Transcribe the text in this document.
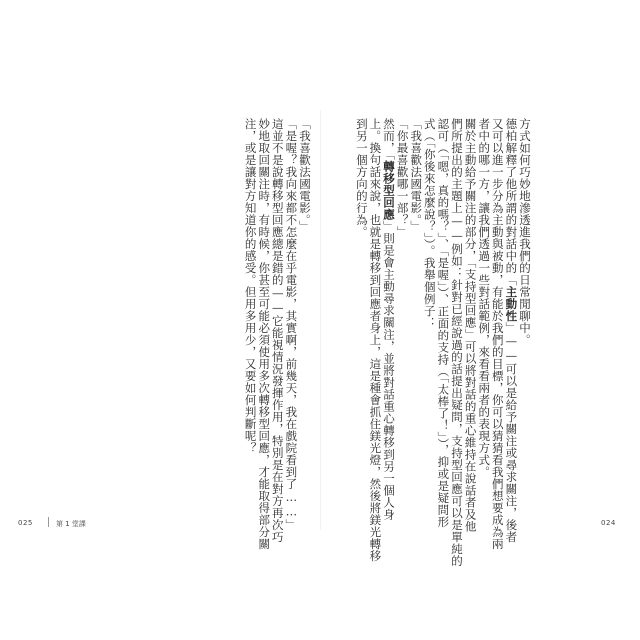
方式如何巧妙地滲透進我們的日常閒聊中。
德柏解釋了他所謂的對話中的「主動性」——可以是給予關注或尋求關注，後者
又可以進一步分為主動與被動，有能於我們的目標，你可以猜猜看我們想要成為兩
者中的哪一方，讓我們透過一些對話範例，來看看兩者的表現方式。
關於主動給予關注的部分，「支持型回應」可以將對話的重心維持在說話者及他
們所提出的主題上——例如：針對已經說過的話提出疑問，支持型回應可以是單純的
認可（「嗯，真的嗎？」、「是喔」）、正面的支持（「太棒了！」），抑或是疑問形
式（「你後來怎麼說？」）。我舉個例子：
「我喜歡法國電影。」
「你最喜歡哪一部？」
然而，「轉移型回應」則是會主動尋求關注，並將對話重心轉移到另一個人身
上。換句話來說，也就是轉移到回應者身上，這是種會抓住鎂光燈，然後將鎂光轉移
到另一個方向的行為。
「我喜歡法國電影。」
「是喔？我向來都不怎麼在乎電影，其實啊，前幾天，我在戲院看到了……」
這並不是說轉移型回應總是錯的——它能視情況發揮作用，特別是在對方再次巧
妙地取回關注時，有時候，你甚至可能必須使用多次轉移型回應，才能取得部分關
注，或是讓對方知道你的感受。但用多用少，又要如何判斷呢？
025	第 1 堂課	024
